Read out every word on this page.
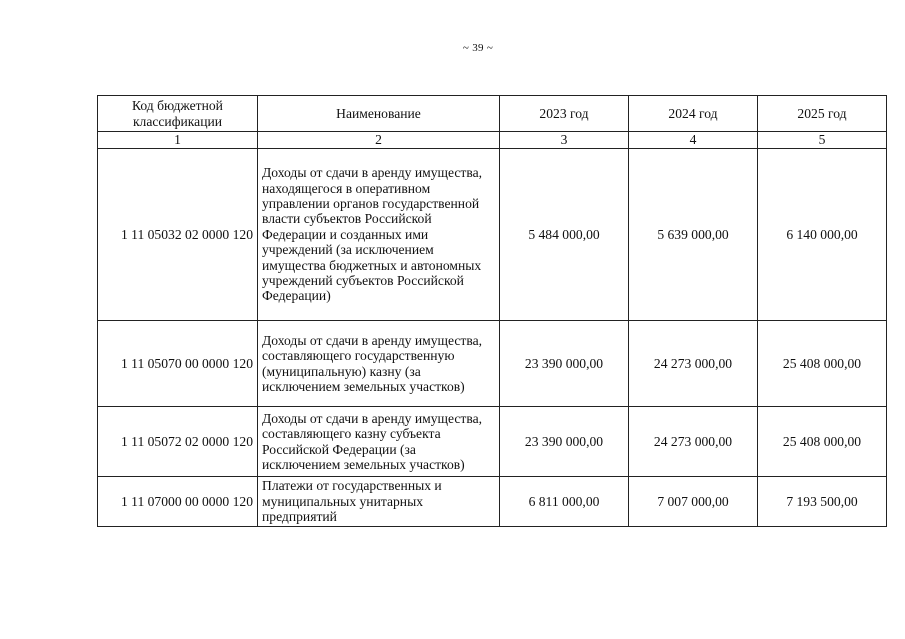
~ 39 ~
Код бюджетной классификации	Наименование	2023 год	2024 год	2025 год
1	2	3	4	5
1 11 05032 02 0000 120	Доходы от сдачи в аренду имущества, находящегося в оперативном управлении органов государственной власти субъектов Российской Федерации и созданных ими учреждений (за исключением имущества бюджетных и автономных учреждений субъектов Российской Федерации)	5 484 000,00	5 639 000,00	6 140 000,00
1 11 05070 00 0000 120	Доходы от сдачи в аренду имущества, составляющего государственную (муниципальную) казну (за исключением земельных участков)	23 390 000,00	24 273 000,00	25 408 000,00
1 11 05072 02 0000 120	Доходы от сдачи в аренду имущества, составляющего казну субъекта Российской Федерации (за исключением земельных участков)	23 390 000,00	24 273 000,00	25 408 000,00
1 11 07000 00 0000 120	Платежи от государственных и муниципальных унитарных предприятий	6 811 000,00	7 007 000,00	7 193 500,00
